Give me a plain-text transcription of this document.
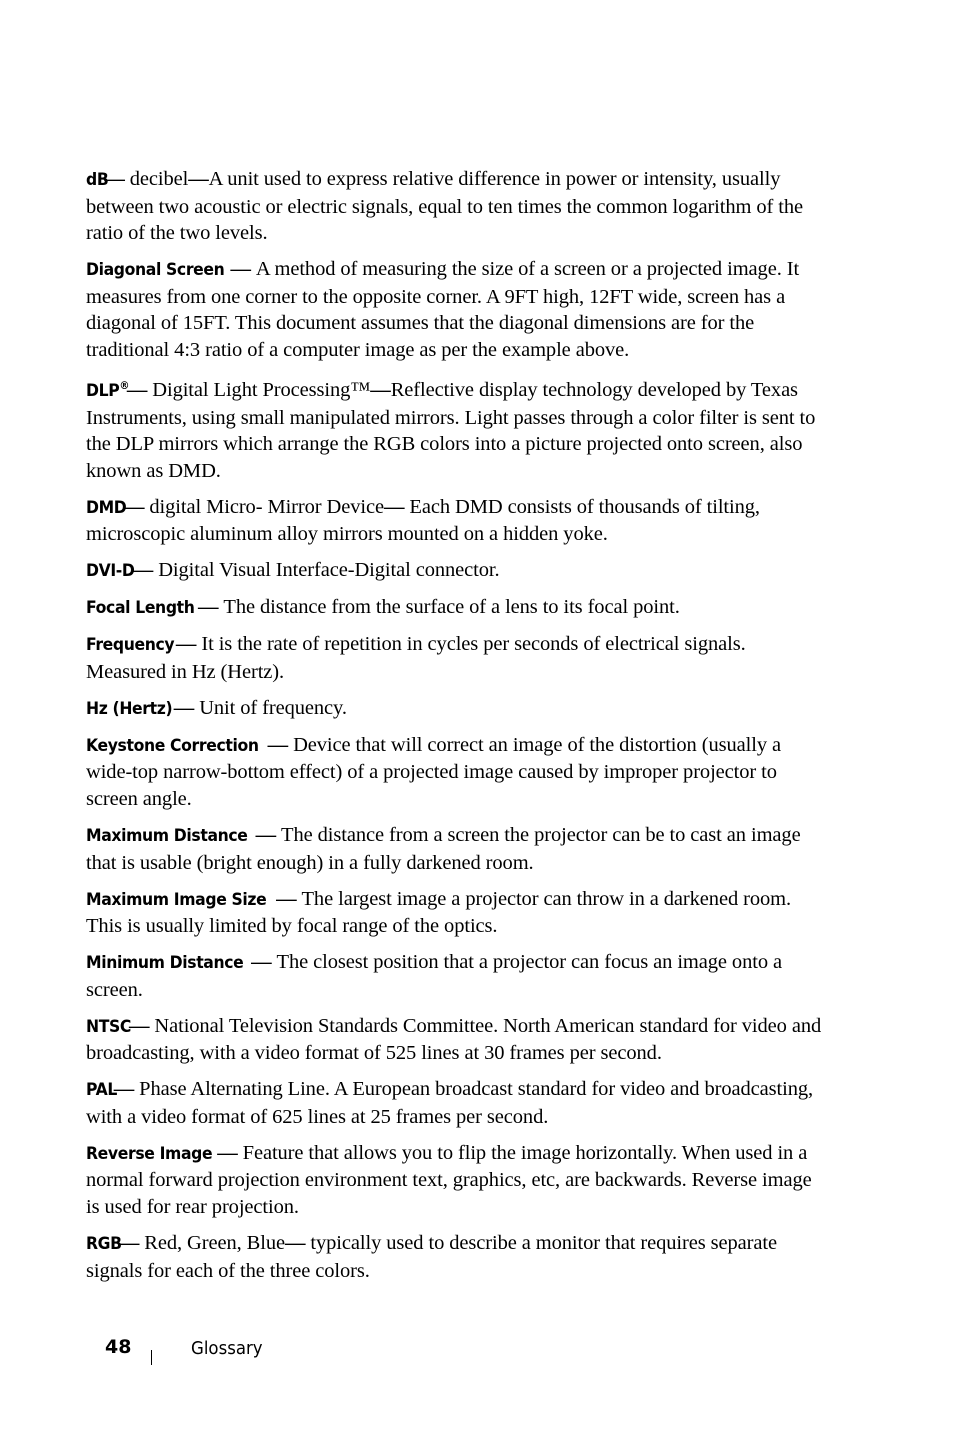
dB— decibel—A unit used to express relative difference in power or intensity, usually between two acoustic or electric signals, equal to ten times the common logarithm of the ratio of the two levels.

Diagonal Screen — A method of measuring the size of a screen or a projected image. It measures from one corner to the opposite corner. A 9FT high, 12FT wide, screen has a diagonal of 15FT. This document assumes that the diagonal dimensions are for the traditional 4:3 ratio of a computer image as per the example above.

DLP®— Digital Light Processing™—Reflective display technology developed by Texas Instruments, using small manipulated mirrors. Light passes through a color filter is sent to the DLP mirrors which arrange the RGB colors into a picture projected onto screen, also known as DMD.

DMD— digital Micro- Mirror Device— Each DMD consists of thousands of tilting, microscopic aluminum alloy mirrors mounted on a hidden yoke.

DVI-D— Digital Visual Interface-Digital connector.

Focal Length — The distance from the surface of a lens to its focal point.

Frequency— It is the rate of repetition in cycles per seconds of electrical signals. Measured in Hz (Hertz).

Hz (Hertz)— Unit of frequency.

Keystone Correction — Device that will correct an image of the distortion (usually a wide-top narrow-bottom effect) of a projected image caused by improper projector to screen angle.

Maximum Distance — The distance from a screen the projector can be to cast an image that is usable (bright enough) in a fully darkened room.

Maximum Image Size — The largest image a projector can throw in a darkened room. This is usually limited by focal range of the optics.

Minimum Distance — The closest position that a projector can focus an image onto a screen.

NTSC— National Television Standards Committee. North American standard for video and broadcasting, with a video format of 525 lines at 30 frames per second.

PAL— Phase Alternating Line. A European broadcast standard for video and broadcasting, with a video format of 625 lines at 25 frames per second.

Reverse Image — Feature that allows you to flip the image horizontally. When used in a normal forward projection environment text, graphics, etc, are backwards. Reverse image is used for rear projection.

RGB— Red, Green, Blue— typically used to describe a monitor that requires separate signals for each of the three colors.

48	Glossary
